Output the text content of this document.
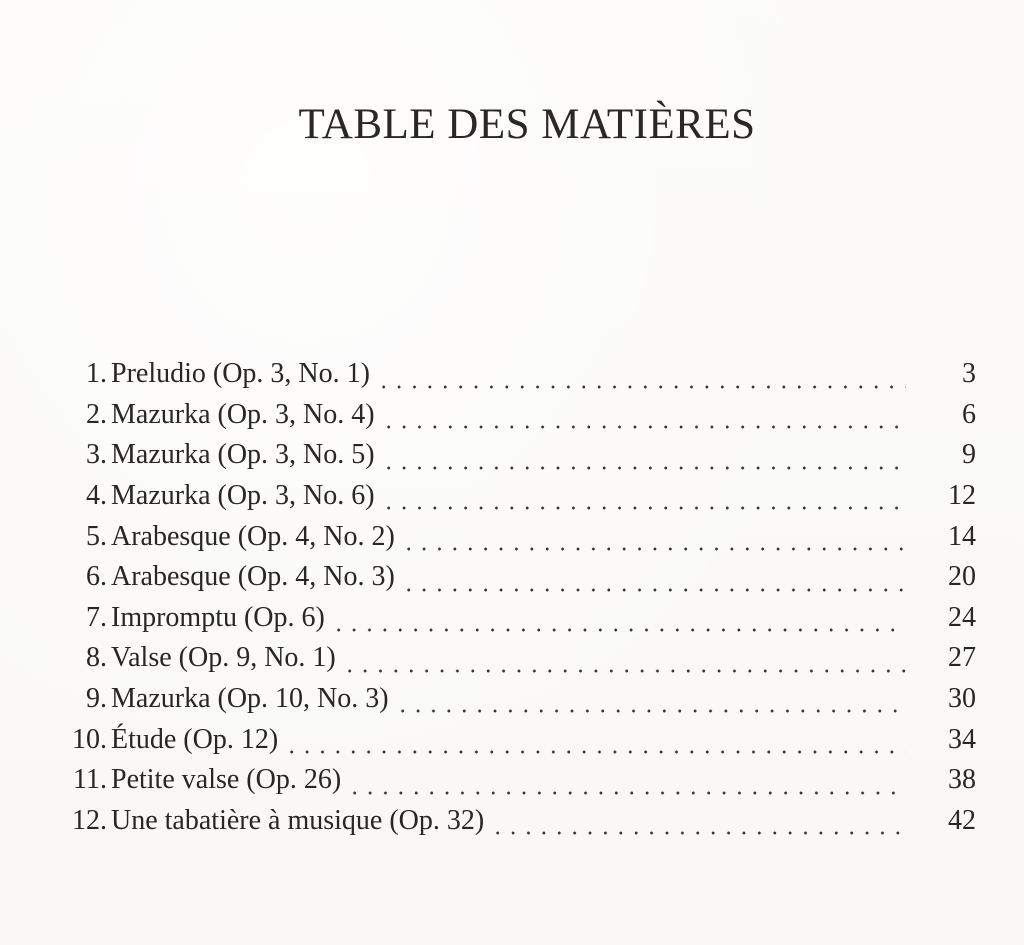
TABLE DES MATIÈRES
1. Preludio (Op. 3, No. 1)	3
2. Mazurka (Op. 3, No. 4)	6
3. Mazurka (Op. 3, No. 5)	9
4. Mazurka (Op. 3, No. 6)	12
5. Arabesque (Op. 4, No. 2)	14
6. Arabesque (Op. 4, No. 3)	20
7. Impromptu (Op. 6)	24
8. Valse (Op. 9, No. 1)	27
9. Mazurka (Op. 10, No. 3)	30
10. Étude (Op. 12)	34
11. Petite valse (Op. 26)	38
12. Une tabatière à musique (Op. 32)	42
